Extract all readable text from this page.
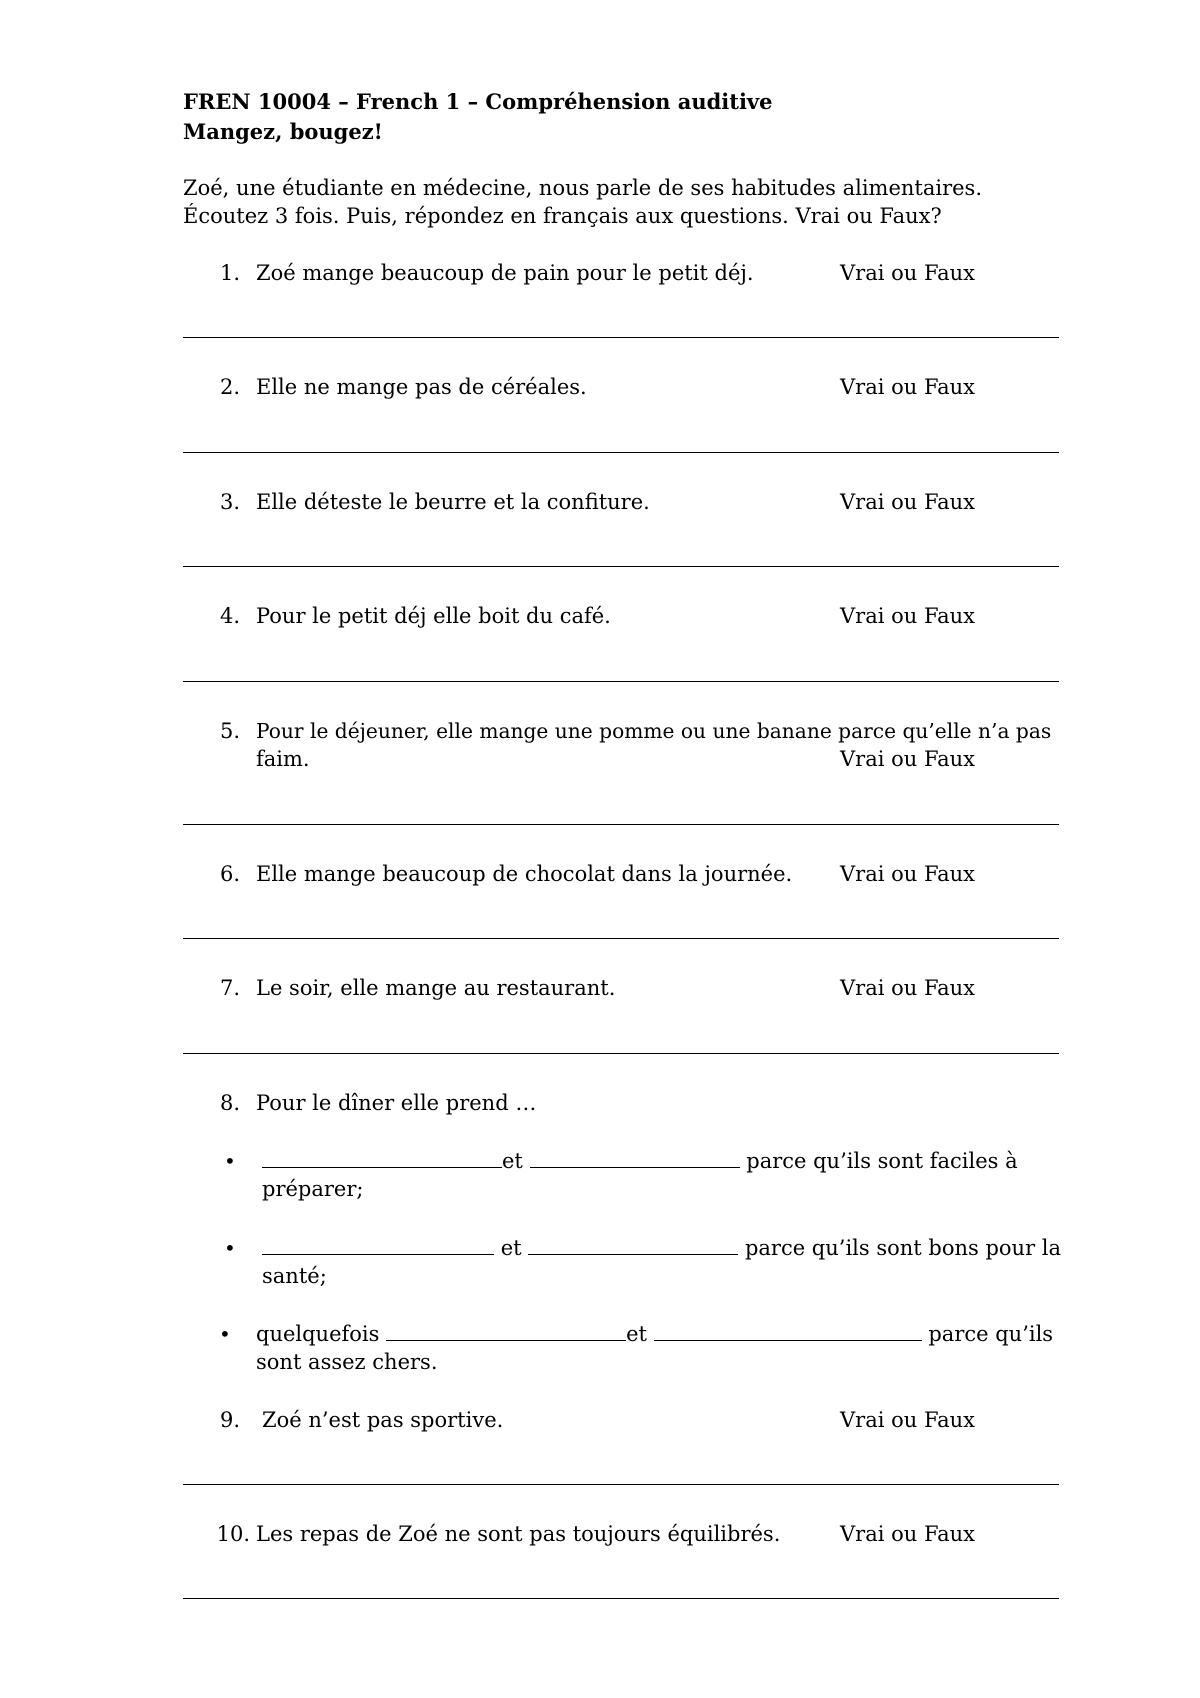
FREN 10004 – French 1 – Compréhension auditive
Mangez, bougez!
Zoé, une étudiante en médecine, nous parle de ses habitudes alimentaires.
Écoutez 3 fois. Puis, répondez en français aux questions. Vrai ou Faux?
1. Zoé mange beaucoup de pain pour le petit déj.	Vrai ou Faux
2. Elle ne mange pas de céréales.	Vrai ou Faux
3. Elle déteste le beurre et la confiture.	Vrai ou Faux
4. Pour le petit déj elle boit du café.	Vrai ou Faux
5. Pour le déjeuner, elle mange une pomme ou une banane parce qu’elle n’a pas
faim.	Vrai ou Faux
6. Elle mange beaucoup de chocolat dans la journée. Vrai ou Faux
7. Le soir, elle mange au restaurant.	Vrai ou Faux
8. Pour le dîner elle prend …
•	et	parce qu’ils sont faciles à
préparer;
•	et	parce qu’ils sont bons pour la
santé;
• quelquefois	et	parce qu’ils
sont assez chers.
9. Zoé n’est pas sportive.	Vrai ou Faux
10. Les repas de Zoé ne sont pas toujours équilibrés.	Vrai ou Faux
